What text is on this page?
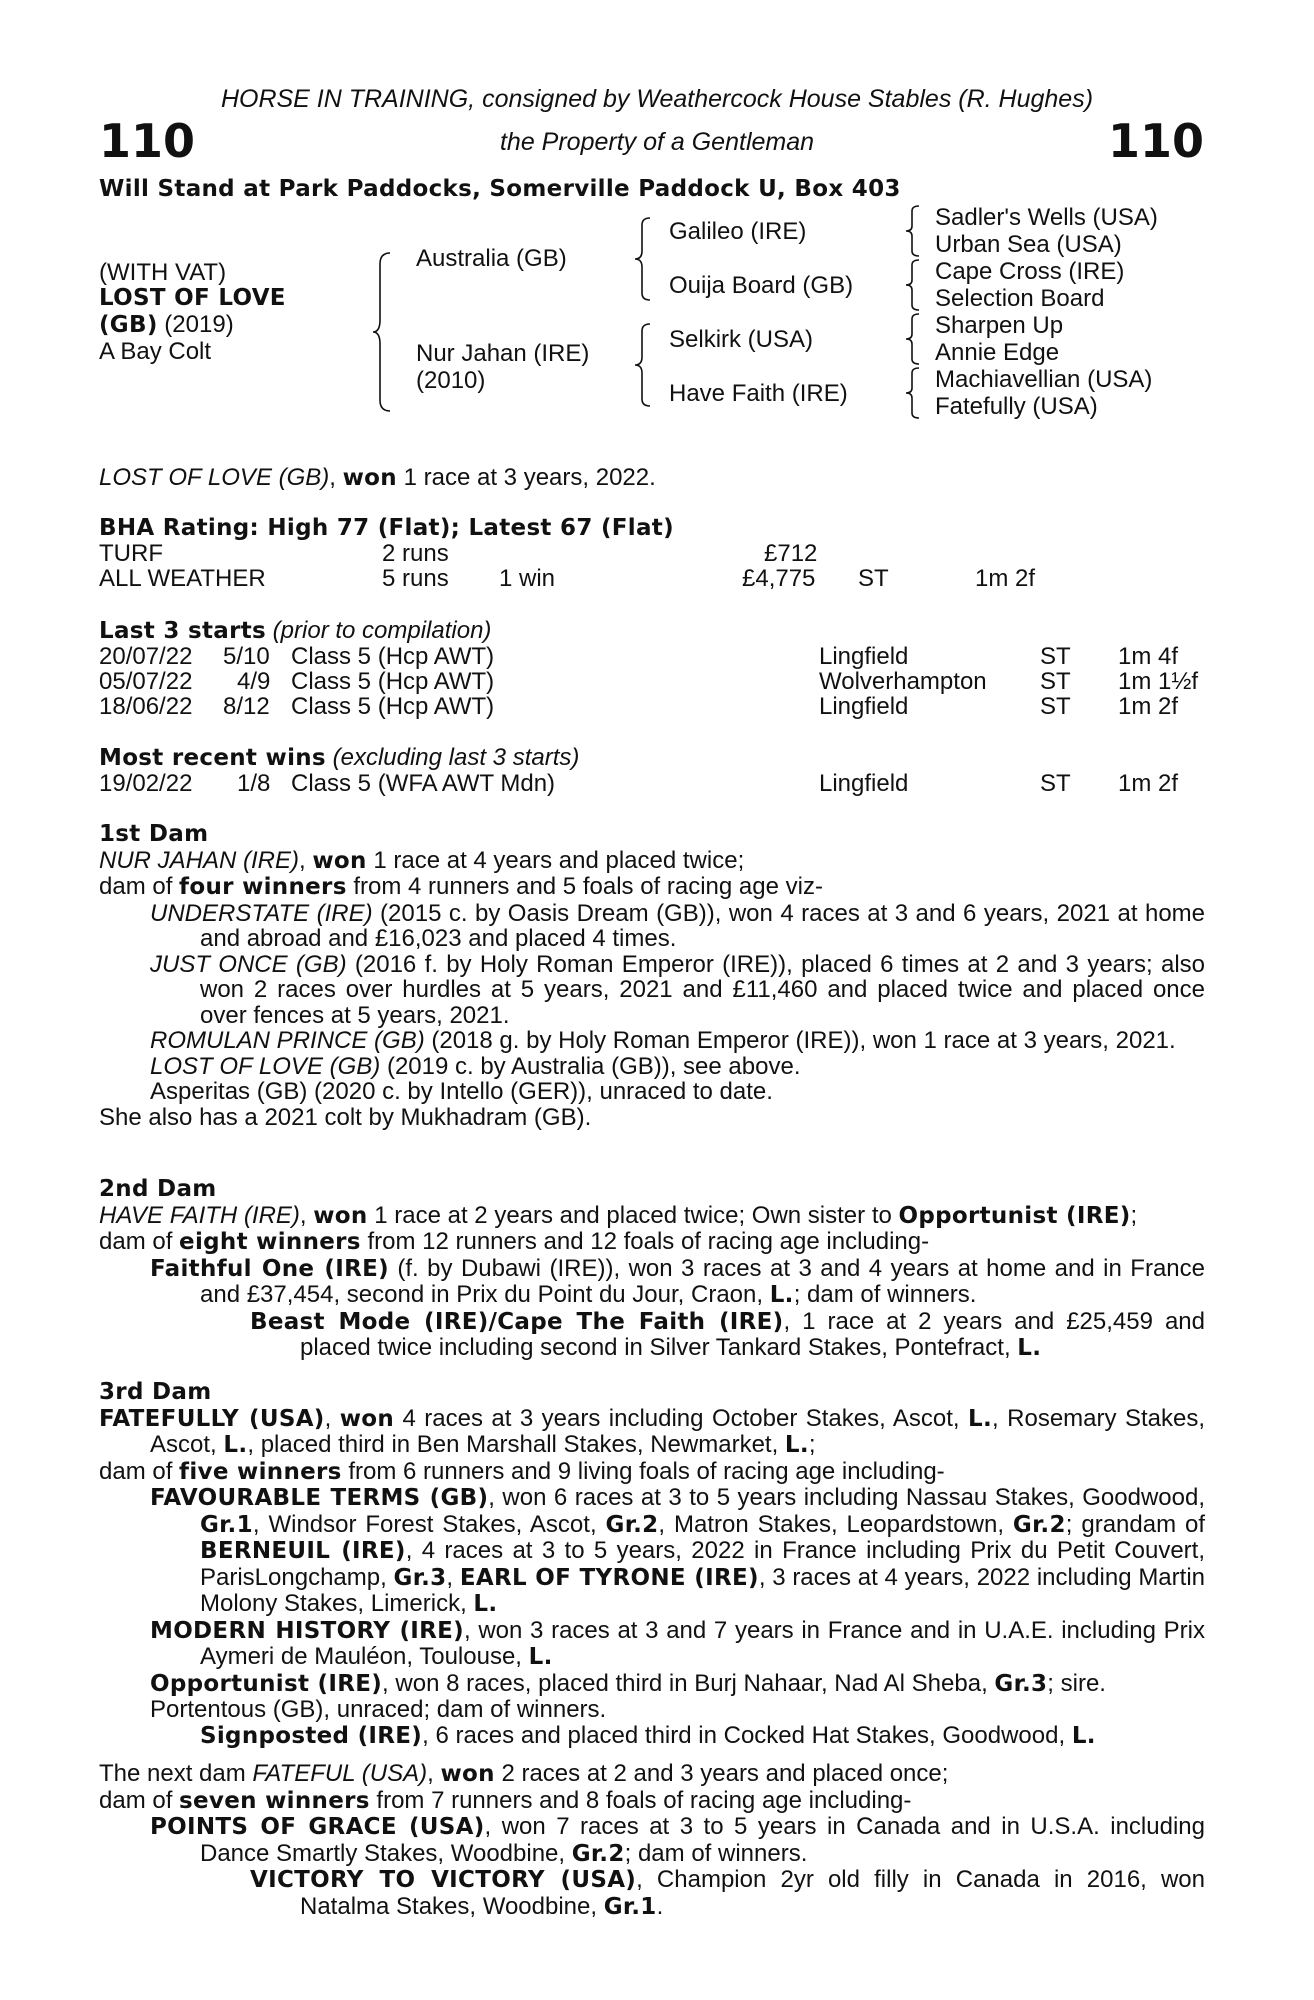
HORSE IN TRAINING, consigned by Weathercock House Stables (R. Hughes)
110	the Property of a Gentleman	110
Will Stand at Park Paddocks, Somerville Paddock U, Box 403
(WITH VAT)
LOST OF LOVE
(GB) (2019)
A Bay Colt
Australia (GB)
Nur Jahan (IRE)
(2010)
Galileo (IRE)
Ouija Board (GB)
Selkirk (USA)
Have Faith (IRE)
Sadler's Wells (USA)
Urban Sea (USA)
Cape Cross (IRE)
Selection Board
Sharpen Up
Annie Edge
Machiavellian (USA)
Fatefully (USA)
LOST OF LOVE (GB), won 1 race at 3 years, 2022.
BHA Rating: High 77 (Flat); Latest 67 (Flat)
TURF	2 runs	£712
ALL WEATHER	5 runs 1 win	£4,775 ST	1m 2f
Last 3 starts (prior to compilation)
20/07/22 5/10 Class 5 (Hcp AWT)	Lingfield	ST 1m 4f
05/07/22 4/9 Class 5 (Hcp AWT)	Wolverhampton ST 1m 1½f
18/06/22 8/12 Class 5 (Hcp AWT)	Lingfield	ST 1m 2f
Most recent wins (excluding last 3 starts)
19/02/22 1/8 Class 5 (WFA AWT Mdn)	Lingfield	ST 1m 2f
1st Dam
NUR JAHAN (IRE), won 1 race at 4 years and placed twice;
dam of four winners from 4 runners and 5 foals of racing age viz-
UNDERSTATE (IRE) (2015 c. by Oasis Dream (GB)), won 4 races at 3 and 6 years, 2021 at home and abroad and £16,023 and placed 4 times.
JUST ONCE (GB) (2016 f. by Holy Roman Emperor (IRE)), placed 6 times at 2 and 3 years; also won 2 races over hurdles at 5 years, 2021 and £11,460 and placed twice and placed once over fences at 5 years, 2021.
ROMULAN PRINCE (GB) (2018 g. by Holy Roman Emperor (IRE)), won 1 race at 3 years, 2021.
LOST OF LOVE (GB) (2019 c. by Australia (GB)), see above.
Asperitas (GB) (2020 c. by Intello (GER)), unraced to date.
She also has a 2021 colt by Mukhadram (GB).
2nd Dam
HAVE FAITH (IRE), won 1 race at 2 years and placed twice; Own sister to Opportunist (IRE);
dam of eight winners from 12 runners and 12 foals of racing age including-
Faithful One (IRE) (f. by Dubawi (IRE)), won 3 races at 3 and 4 years at home and in France and £37,454, second in Prix du Point du Jour, Craon, L.; dam of winners.
Beast Mode (IRE)/Cape The Faith (IRE), 1 race at 2 years and £25,459 and placed twice including second in Silver Tankard Stakes, Pontefract, L.
3rd Dam
FATEFULLY (USA), won 4 races at 3 years including October Stakes, Ascot, L., Rosemary Stakes, Ascot, L., placed third in Ben Marshall Stakes, Newmarket, L.;
dam of five winners from 6 runners and 9 living foals of racing age including-
FAVOURABLE TERMS (GB), won 6 races at 3 to 5 years including Nassau Stakes, Goodwood, Gr.1, Windsor Forest Stakes, Ascot, Gr.2, Matron Stakes, Leopardstown, Gr.2; grandam of BERNEUIL (IRE), 4 races at 3 to 5 years, 2022 in France including Prix du Petit Couvert, ParisLongchamp, Gr.3, EARL OF TYRONE (IRE), 3 races at 4 years, 2022 including Martin Molony Stakes, Limerick, L.
MODERN HISTORY (IRE), won 3 races at 3 and 7 years in France and in U.A.E. including Prix Aymeri de Mauléon, Toulouse, L.
Opportunist (IRE), won 8 races, placed third in Burj Nahaar, Nad Al Sheba, Gr.3; sire.
Portentous (GB), unraced; dam of winners.
Signposted (IRE), 6 races and placed third in Cocked Hat Stakes, Goodwood, L.
The next dam FATEFUL (USA), won 2 races at 2 and 3 years and placed once;
dam of seven winners from 7 runners and 8 foals of racing age including-
POINTS OF GRACE (USA), won 7 races at 3 to 5 years in Canada and in U.S.A. including Dance Smartly Stakes, Woodbine, Gr.2; dam of winners.
VICTORY TO VICTORY (USA), Champion 2yr old filly in Canada in 2016, won Natalma Stakes, Woodbine, Gr.1.
